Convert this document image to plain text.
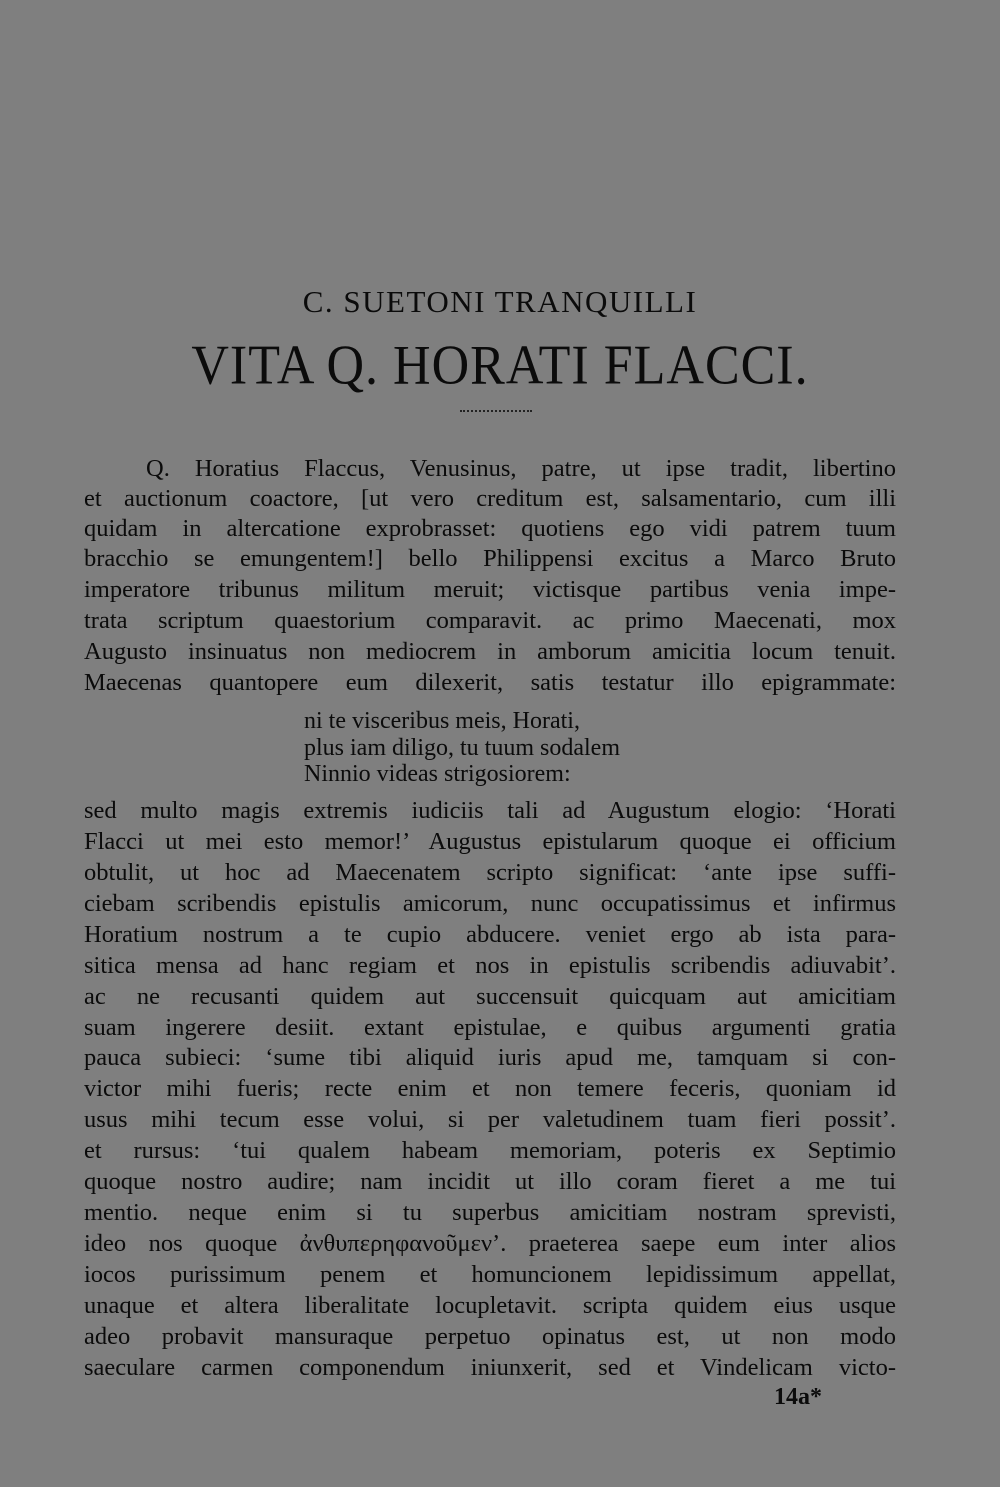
C. SUETONI TRANQUILLI
VITA Q. HORATI FLACCI.
Q. Horatius Flaccus, Venusinus, patre, ut ipse tradit, libertino
et auctionum coactore, [ut vero creditum est, salsamentario, cum illi
quidam in altercatione exprobrasset: quotiens ego vidi patrem tuum
bracchio se emungentem!] bello Philippensi excitus a Marco Bruto
imperatore tribunus militum meruit; victisque partibus venia impe-
trata scriptum quaestorium comparavit. ac primo Maecenati, mox
Augusto insinuatus non mediocrem in amborum amicitia locum tenuit.
Maecenas quantopere eum dilexerit, satis testatur illo epigrammate:
ni te visceribus meis, Horati,
plus iam diligo, tu tuum sodalem
Ninnio videas strigosiorem:
sed multo magis extremis iudiciis tali ad Augustum elogio: ‘Horati
Flacci ut mei esto memor!’ Augustus epistularum quoque ei officium
obtulit, ut hoc ad Maecenatem scripto significat: ‘ante ipse suffi-
ciebam scribendis epistulis amicorum, nunc occupatissimus et infirmus
Horatium nostrum a te cupio abducere. veniet ergo ab ista para-
sitica mensa ad hanc regiam et nos in epistulis scribendis adiuvabit’.
ac ne recusanti quidem aut succensuit quicquam aut amicitiam
suam ingerere desiit. extant epistulae, e quibus argumenti gratia
pauca subieci: ‘sume tibi aliquid iuris apud me, tamquam si con-
victor mihi fueris; recte enim et non temere feceris, quoniam id
usus mihi tecum esse volui, si per valetudinem tuam fieri possit’.
et rursus: ‘tui qualem habeam memoriam, poteris ex Septimio
quoque nostro audire; nam incidit ut illo coram fieret a me tui
mentio. neque enim si tu superbus amicitiam nostram sprevisti,
ideo nos quoque ἀνθυπερηφανοῦμεν’. praeterea saepe eum inter alios
iocos purissimum penem et homuncionem lepidissimum appellat,
unaque et altera liberalitate locupletavit. scripta quidem eius usque
adeo probavit mansuraque perpetuo opinatus est, ut non modo
saeculare carmen componendum iniunxerit, sed et Vindelicam victo-
14a*
